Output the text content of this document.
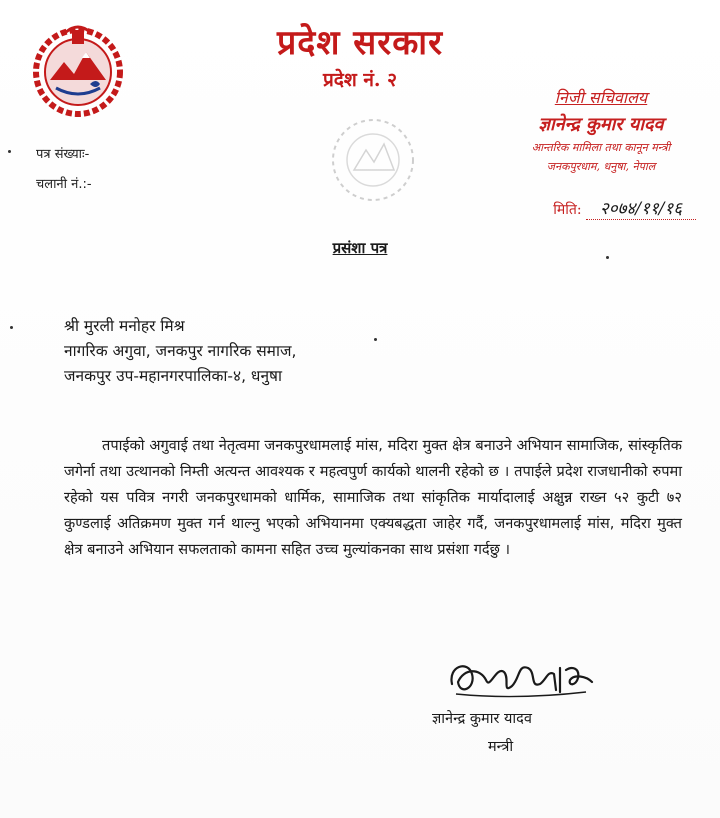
प्रदेश सरकार
प्रदेश नं. २
निजी सचिवालय
ज्ञानेन्द्र कुमार यादव
आन्तरिक मामिला तथा कानून मन्त्री
जनकपुरधाम, धनुषा, नेपाल
पत्र संख्याः-
चलानी नं.:-
मिति: २०७४/११/१६
प्रसंशा पत्र
श्री मुरली मनोहर मिश्र
नागरिक अगुवा, जनकपुर नागरिक समाज,
जनकपुर उप-महानगरपालिका-४, धनुषा

तपाईको अगुवाई तथा नेतृत्वमा जनकपुरधामलाई मांस, मदिरा मुक्त क्षेत्र बनाउने अभियान सामाजिक, सांस्कृतिक जगेर्ना तथा उत्थानको निम्ती अत्यन्त आवश्यक र महत्वपुर्ण कार्यको थालनी रहेको छ । तपाईले प्रदेश राजधानीको रुपमा रहेको यस पवित्र नगरी जनकपुरधामको धार्मिक, सामाजिक तथा सांकृतिक मार्यादालाई अक्षुन्न राख्न ५२ कुटी ७२ कुण्डलाई अतिक्रमण मुक्त गर्न थाल्नु भएको अभियानमा एक्यबद्धता जाहेर गर्दै, जनकपुरधामलाई मांस, मदिरा मुक्त क्षेत्र बनाउने अभियान सफलताको कामना सहित उच्च मुल्यांकनका साथ प्रसंशा गर्दछु ।

ज्ञानेन्द्र कुमार यादव
मन्त्री
